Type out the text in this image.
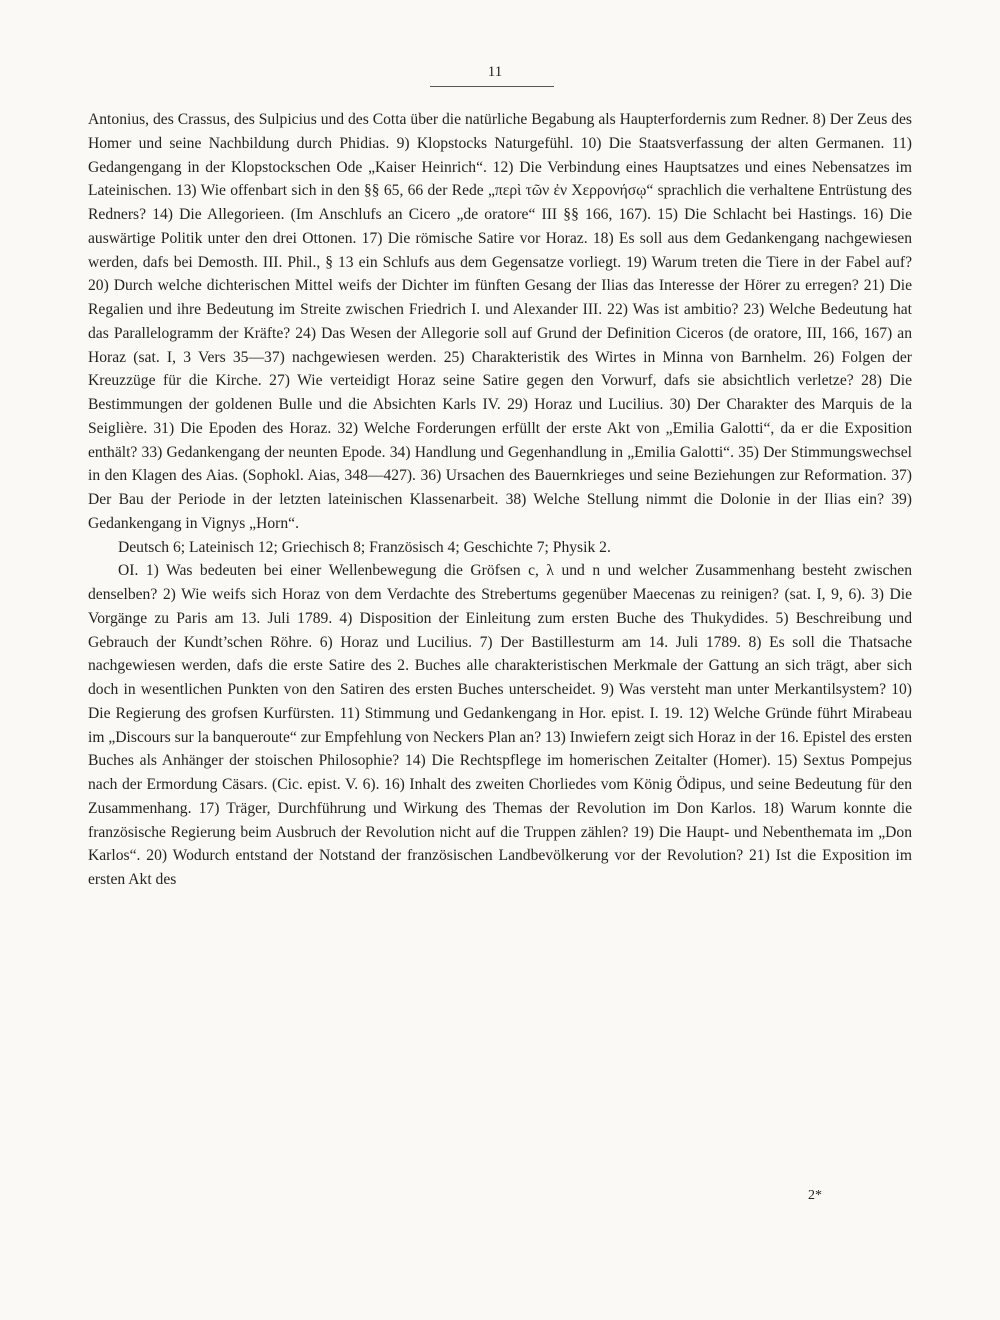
11

Antonius, des Crassus, des Sulpicius und des Cotta über die natürliche Begabung als Haupterfordernis zum Redner. 8) Der Zeus des Homer und seine Nachbildung durch Phidias. 9) Klopstocks Naturgefühl. 10) Die Staatsverfassung der alten Germanen. 11) Gedangengang in der Klopstockschen Ode „Kaiser Heinrich“. 12) Die Verbindung eines Hauptsatzes und eines Nebensatzes im Lateinischen. 13) Wie offenbart sich in den §§ 65, 66 der Rede „περὶ τῶν ἐν Χερρονήσῳ“ sprachlich die verhaltene Entrüstung des Redners? 14) Die Allegorieen. (Im Anschlufs an Cicero „de oratore“ III §§ 166, 167). 15) Die Schlacht bei Hastings. 16) Die auswärtige Politik unter den drei Ottonen. 17) Die römische Satire vor Horaz. 18) Es soll aus dem Gedankengang nachgewiesen werden, dafs bei Demosth. III. Phil., § 13 ein Schlufs aus dem Gegensatze vorliegt. 19) Warum treten die Tiere in der Fabel auf? 20) Durch welche dichterischen Mittel weifs der Dichter im fünften Gesang der Ilias das Interesse der Hörer zu erregen? 21) Die Regalien und ihre Bedeutung im Streite zwischen Friedrich I. und Alexander III. 22) Was ist ambitio? 23) Welche Bedeutung hat das Parallelogramm der Kräfte? 24) Das Wesen der Allegorie soll auf Grund der Definition Ciceros (de oratore, III, 166, 167) an Horaz (sat. I, 3 Vers 35—37) nachgewiesen werden. 25) Charakteristik des Wirtes in Minna von Barnhelm. 26) Folgen der Kreuzzüge für die Kirche. 27) Wie verteidigt Horaz seine Satire gegen den Vorwurf, dafs sie absichtlich verletze? 28) Die Bestimmungen der goldenen Bulle und die Absichten Karls IV. 29) Horaz und Lucilius. 30) Der Charakter des Marquis de la Seiglière. 31) Die Epoden des Horaz. 32) Welche Forderungen erfüllt der erste Akt von „Emilia Galotti“, da er die Exposition enthält? 33) Gedankengang der neunten Epode. 34) Handlung und Gegenhandlung in „Emilia Galotti“. 35) Der Stimmungswechsel in den Klagen des Aias. (Sophokl. Aias, 348—427). 36) Ursachen des Bauernkrieges und seine Beziehungen zur Reformation. 37) Der Bau der Periode in der letzten lateinischen Klassenarbeit. 38) Welche Stellung nimmt die Dolonie in der Ilias ein? 39) Gedankengang in Vignys „Horn“.

Deutsch 6; Lateinisch 12; Griechisch 8; Französisch 4; Geschichte 7; Physik 2.

OI. 1) Was bedeuten bei einer Wellenbewegung die Gröfsen c, λ und n und welcher Zusammenhang besteht zwischen denselben? 2) Wie weifs sich Horaz von dem Verdachte des Strebertums gegenüber Maecenas zu reinigen? (sat. I, 9, 6). 3) Die Vorgänge zu Paris am 13. Juli 1789. 4) Disposition der Einleitung zum ersten Buche des Thukydides. 5) Beschreibung und Gebrauch der Kundt’schen Röhre. 6) Horaz und Lucilius. 7) Der Bastillesturm am 14. Juli 1789. 8) Es soll die Thatsache nachgewiesen werden, dafs die erste Satire des 2. Buches alle charakteristischen Merkmale der Gattung an sich trägt, aber sich doch in wesentlichen Punkten von den Satiren des ersten Buches unterscheidet. 9) Was versteht man unter Merkantilsystem? 10) Die Regierung des grofsen Kurfürsten. 11) Stimmung und Gedankengang in Hor. epist. I. 19. 12) Welche Gründe führt Mirabeau im „Discours sur la banqueroute“ zur Empfehlung von Neckers Plan an? 13) Inwiefern zeigt sich Horaz in der 16. Epistel des ersten Buches als Anhänger der stoischen Philosophie? 14) Die Rechtspflege im homerischen Zeitalter (Homer). 15) Sextus Pompejus nach der Ermordung Cäsars. (Cic. epist. V. 6). 16) Inhalt des zweiten Chorliedes vom König Ödipus, und seine Bedeutung für den Zusammenhang. 17) Träger, Durchführung und Wirkung des Themas der Revolution im Don Karlos. 18) Warum konnte die französische Regierung beim Ausbruch der Revolution nicht auf die Truppen zählen? 19) Die Haupt- und Nebenthemata im „Don Karlos“. 20) Wodurch entstand der Notstand der französischen Landbevölkerung vor der Revolution? 21) Ist die Exposition im ersten Akt des

2*
